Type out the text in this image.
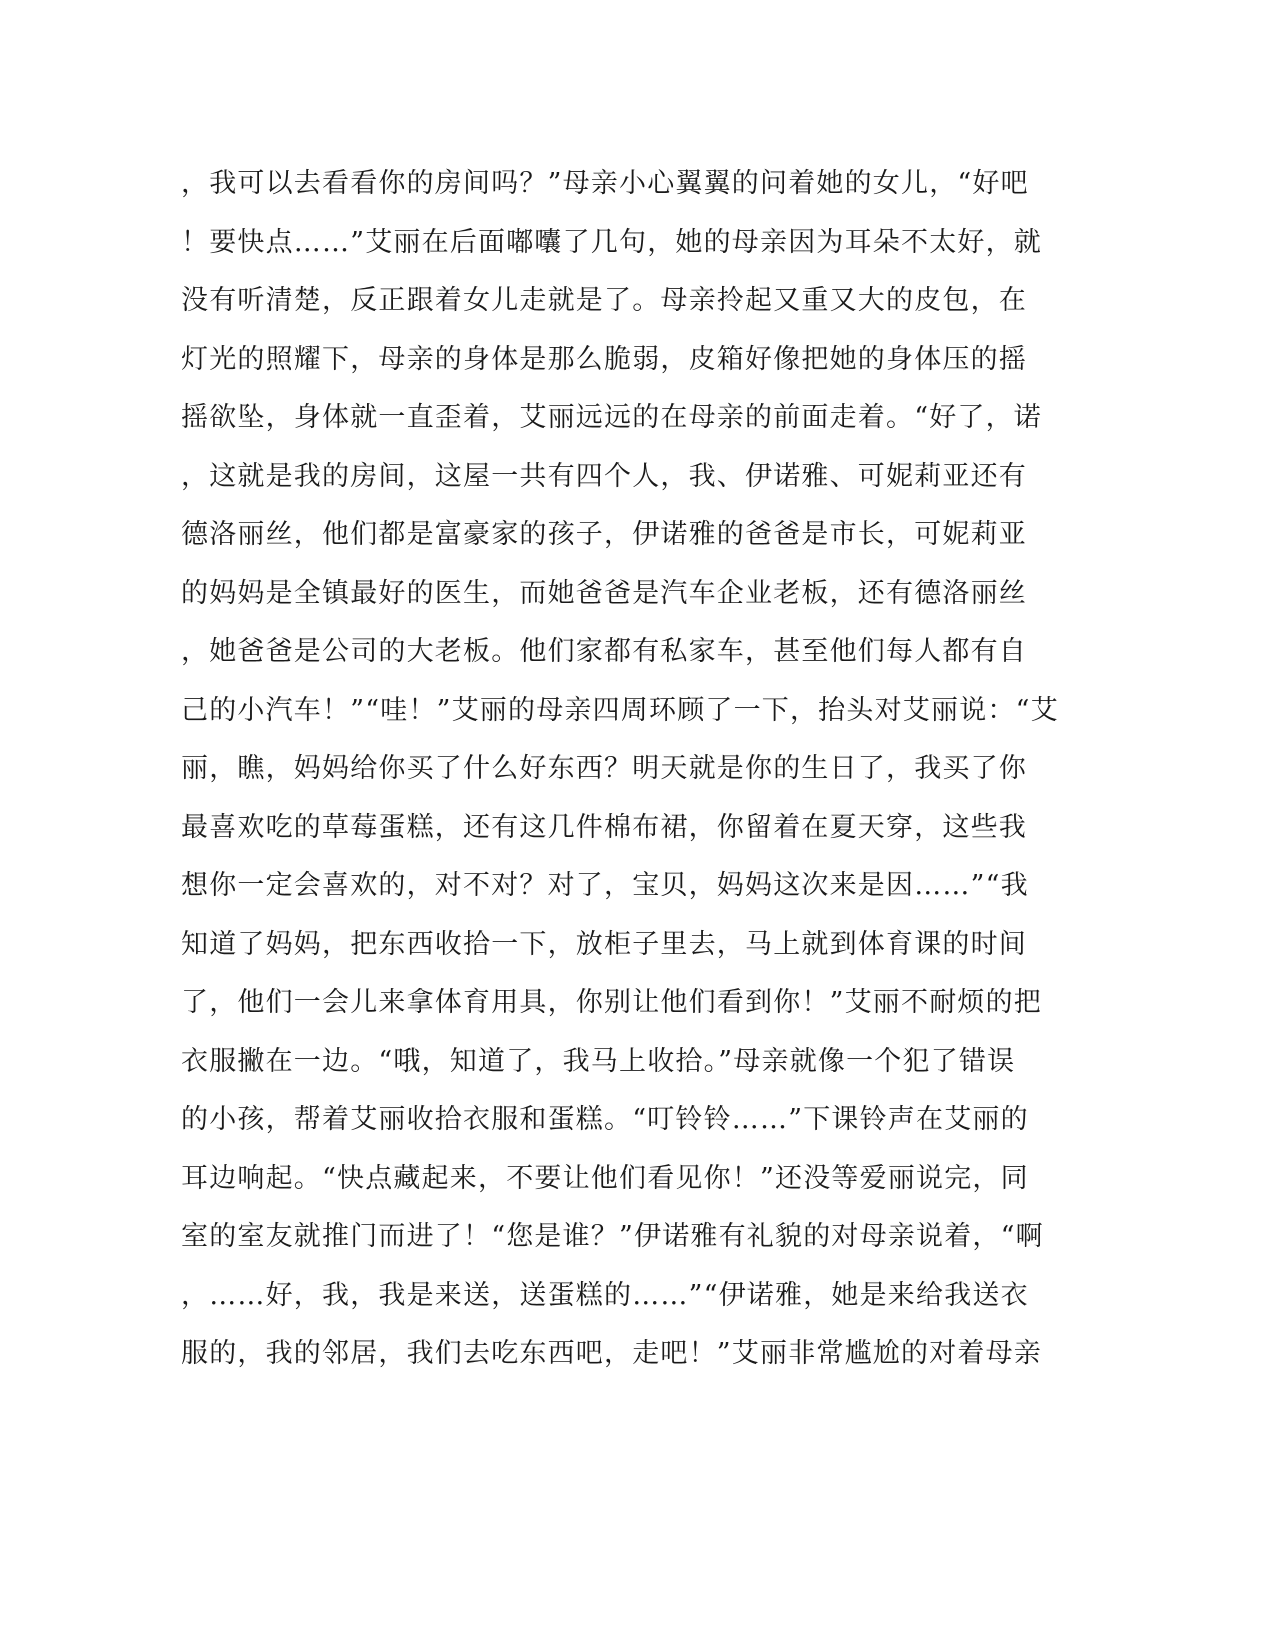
，我可以去看看你的房间吗？”母亲小心翼翼的问着她的女儿，“好吧
！要快点……”艾丽在后面嘟囔了几句，她的母亲因为耳朵不太好，就
没有听清楚，反正跟着女儿走就是了。母亲拎起又重又大的皮包，在
灯光的照耀下，母亲的身体是那么脆弱，皮箱好像把她的身体压的摇
摇欲坠，身体就一直歪着，艾丽远远的在母亲的前面走着。“好了，诺
，这就是我的房间，这屋一共有四个人，我、伊诺雅、可妮莉亚还有
德洛丽丝，他们都是富豪家的孩子，伊诺雅的爸爸是市长，可妮莉亚
的妈妈是全镇最好的医生，而她爸爸是汽车企业老板，还有德洛丽丝
，她爸爸是公司的大老板。他们家都有私家车，甚至他们每人都有自
己的小汽车！”“哇！”艾丽的母亲四周环顾了一下，抬头对艾丽说：“艾
丽，瞧，妈妈给你买了什么好东西？明天就是你的生日了，我买了你
最喜欢吃的草莓蛋糕，还有这几件棉布裙，你留着在夏天穿，这些我
想你一定会喜欢的，对不对？对了，宝贝，妈妈这次来是因……”“我
知道了妈妈，把东西收拾一下，放柜子里去，马上就到体育课的时间
了，他们一会儿来拿体育用具，你别让他们看到你！”艾丽不耐烦的把
衣服撇在一边。“哦，知道了，我马上收拾。”母亲就像一个犯了错误
的小孩，帮着艾丽收拾衣服和蛋糕。“叮铃铃……”下课铃声在艾丽的
耳边响起。“快点藏起来，不要让他们看见你！”还没等爱丽说完，同
室的室友就推门而进了！“您是谁？”伊诺雅有礼貌的对母亲说着，“啊
，……好，我，我是来送，送蛋糕的……”“伊诺雅，她是来给我送衣
服的，我的邻居，我们去吃东西吧，走吧！”艾丽非常尴尬的对着母亲
